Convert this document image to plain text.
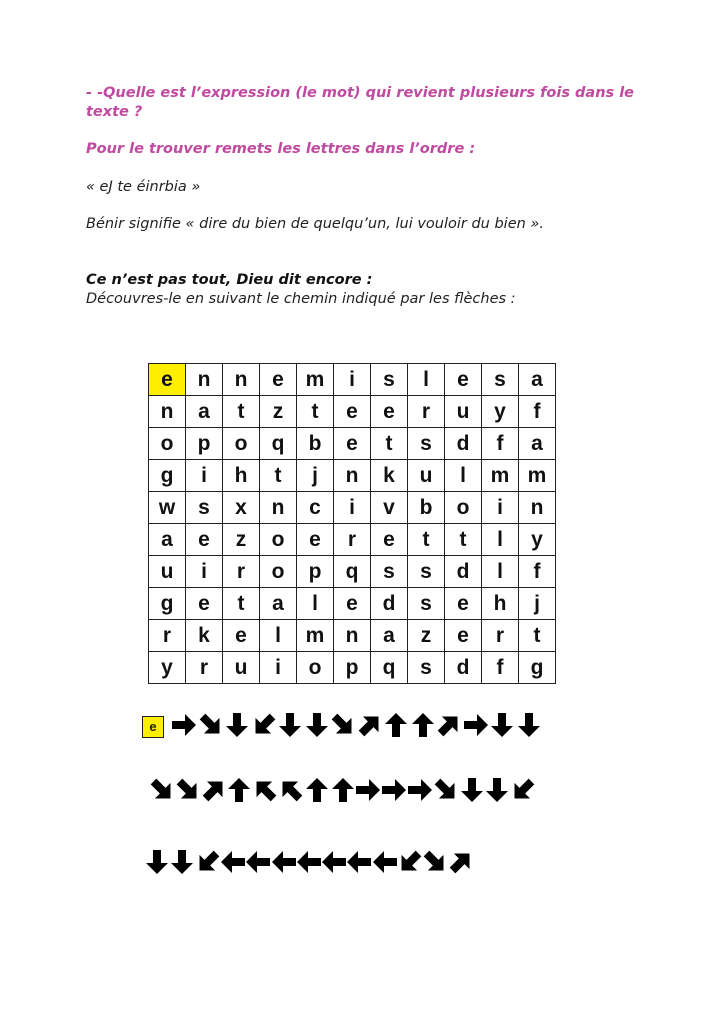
- -Quelle est l’expression (le mot) qui revient plusieurs fois dans le
texte ?
Pour le trouver remets les lettres dans l’ordre :
« eJ te éinrbia »
Bénir signifie « dire du bien de quelqu’un, lui vouloir du bien ».
Ce n’est pas tout, Dieu dit encore :
Découvres-le en suivant le chemin indiqué par les flèches :
e	n	n	e	m	i	s	l	e	s	a
n	a	t	z	t	e	e	r	u	y	f
o	p	o	q	b	e	t	s	d	f	a
g	i	h	t	j	n	k	u	l	m	m
w	s	x	n	c	i	v	b	o	i	n
a	e	z	o	e	r	e	t	t	l	y
u	i	r	o	p	q	s	s	d	l	f
g	e	t	a	l	e	d	s	e	h	j
r	k	e	l	m	n	a	z	e	r	t
y	r	u	i	o	p	q	s	d	f	g
e
